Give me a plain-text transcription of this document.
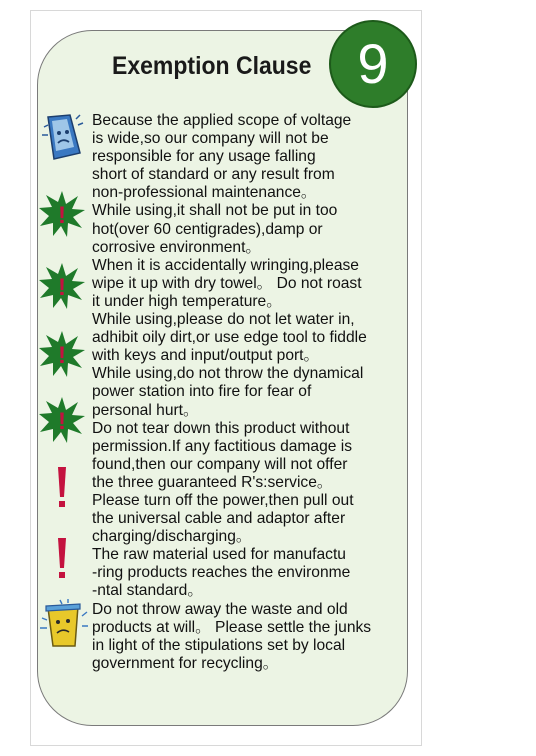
Exemption Clause 9
!
!
!
!
Because the applied scope of voltage
is wide,so our company will not be
responsible for any usage falling
short of standard or any result from
non-professional maintenance。
While using,it shall not be put in too
hot(over 60 centigrades),damp or
corrosive environment。
When it is accidentally wringing,please
wipe it up with dry towel。 Do not roast
it under high temperature。
While using,please do not let water in,
adhibit oily dirt,or use edge tool to fiddle
with keys and input/output port。
While using,do not throw the dynamical
power station into fire for fear of
personal hurt。
Do not tear down this product without
permission.If any factitious damage is
found,then our company will not offer
the three guaranteed R's:service。
Please turn off the power,then pull out
the universal cable and adaptor after
charging/discharging。
The raw material used for manufactu
-ring products reaches the environme
-ntal standard。
Do not throw away the waste and old
products at will。 Please settle the junks
in light of the stipulations set by local
government for recycling。
